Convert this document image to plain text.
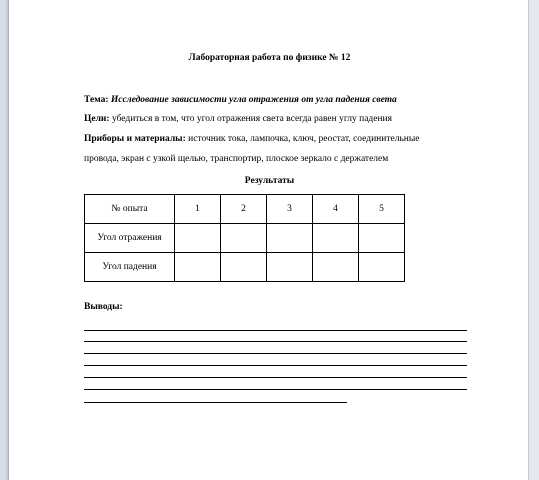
Лабораторная работа по физике № 12
Тема: Исследование зависимости угла отражения от угла падения света
Цели: убедиться в том, что угол отражения света всегда равен углу падения
Приборы и материалы: источник тока, лампочка, ключ, реостат, соединительные
провода, экран с узкой щелью, транспортир, плоское зеркало с держателем
Результаты
№ опыта	1	2	3	4	5
Угол отражения					
Угол падения					
Выводы:
